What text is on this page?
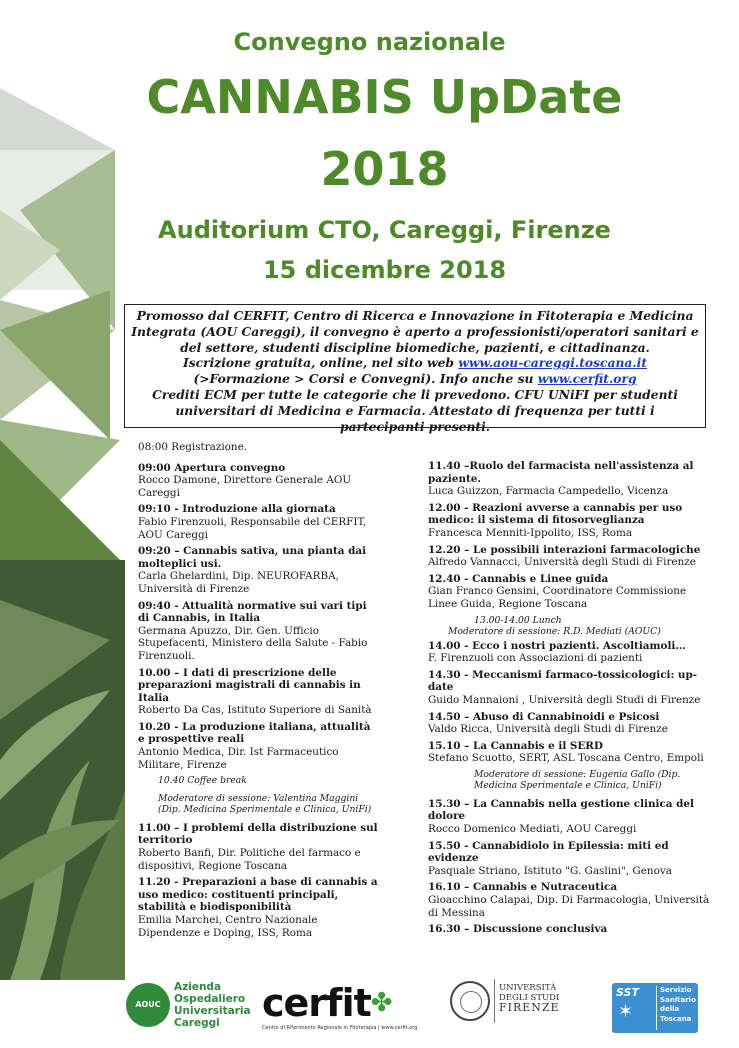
Convegno nazionale
CANNABIS UpDate
2018
Auditorium CTO, Careggi, Firenze
15 dicembre 2018
Promosso dal CERFIT, Centro di Ricerca e Innovazione in Fitoterapia e Medicina Integrata (AOU Careggi), il convegno è aperto a professionisti/operatori sanitari e del settore, studenti discipline biomediche, pazienti, e cittadinanza.
Iscrizione gratuita, online, nel sito web www.aou-careggi.toscana.it
(>Formazione > Corsi e Convegni). Info anche su www.cerfit.org
Crediti ECM per tutte le categorie che li prevedono. CFU UNiFI per studenti universitari di Medicina e Farmacia. Attestato di frequenza per tutti i partecipanti presenti.
08:00 Registrazione.
09:00 Apertura convegno
Rocco Damone, Direttore Generale AOU Careggi
09:10 - Introduzione alla giornata
Fabio Firenzuoli, Responsabile del CERFIT, AOU Careggi
09:20 – Cannabis sativa, una pianta dai molteplici usi.
Carla Ghelardini, Dip. NEUROFARBA, Università di Firenze
09:40 - Attualità normative sui vari tipi di Cannabis, in Italia
Germana Apuzzo, Dir. Gen. Ufficio Stupefacenti, Ministero della Salute - Fabio Firenzuoli.
10.00 – I dati di prescrizione delle preparazioni magistrali di cannabis in Italia
Roberto Da Cas, Istituto Superiore di Sanità
10.20 - La produzione italiana, attualità e prospettive reali
Antonio Medica, Dir. Ist Farmaceutico Militare, Firenze
10.40 Coffee break
Moderatore di sessione: Valentina Maggini (Dip. Medicina Sperimentale e Clinica, UniFi)
11.00 – I problemi della distribuzione sul territorio
Roberto Banfi, Dir. Politiche del farmaco e dispositivi, Regione Toscana
11.20 - Preparazioni a base di cannabis a uso medico: costituenti principali, stabilità e biodisponibilità
Emilia Marchei, Centro Nazionale Dipendenze e Doping, ISS, Roma
11.40 –Ruolo del farmacista nell'assistenza al paziente.
Luca Guizzon, Farmacia Campedello, Vicenza
12.00 - Reazioni avverse a cannabis per uso medico: il sistema di fitosorveglianza
Francesca Menniti-Ippolito, ISS, Roma
12.20 – Le possibili interazioni farmacologiche
Alfredo Vannacci, Università degli Studi di Firenze
12.40 - Cannabis e Linee guida
Gian Franco Gensini, Coordinatore Commissione Linee Guida, Regione Toscana
13.00-14.00 Lunch
Moderatore di sessione: R.D. Mediati (AOUC)
14.00 - Ecco i nostri pazienti. Ascoltiamoli…
F. Firenzuoli con Associazioni di pazienti
14.30 - Meccanismi farmaco-tossicologici: up-date
Guido Mannaioni , Università degli Studi di Firenze
14.50 – Abuso di Cannabinoidi e Psicosi
Valdo Ricca, Università degli Studi di Firenze
15.10 – La Cannabis e il SERD
Stefano Scuotto, SERT, ASL Toscana Centro, Empoli
Moderatore di sessione: Eugenia Gallo (Dip. Medicina Sperimentale e Clinica, UniFi)
15.30 – La Cannabis nella gestione clinica del dolore
Rocco Domenico Mediati, AOU Careggi
15.50 - Cannabidiolo in Epilessia: miti ed evidenze
Pasquale Striano, Istituto "G. Gaslini", Genova
16.10 – Cannabis e Nutraceutica
Gioacchino Calapai, Dip. Di Farmacologia, Università di Messina
16.30 – Discussione conclusiva
AOUC
Azienda
Ospedaliero
Universitaria
Careggi	cerfit✤
Centro di Riferimento Regionale in Fitoterapia | www.cerfit.org
UNIVERSITÀ
DEGLI STUDI
FIRENZE
SST
✶
Servizio
Sanitario
della
Toscana
